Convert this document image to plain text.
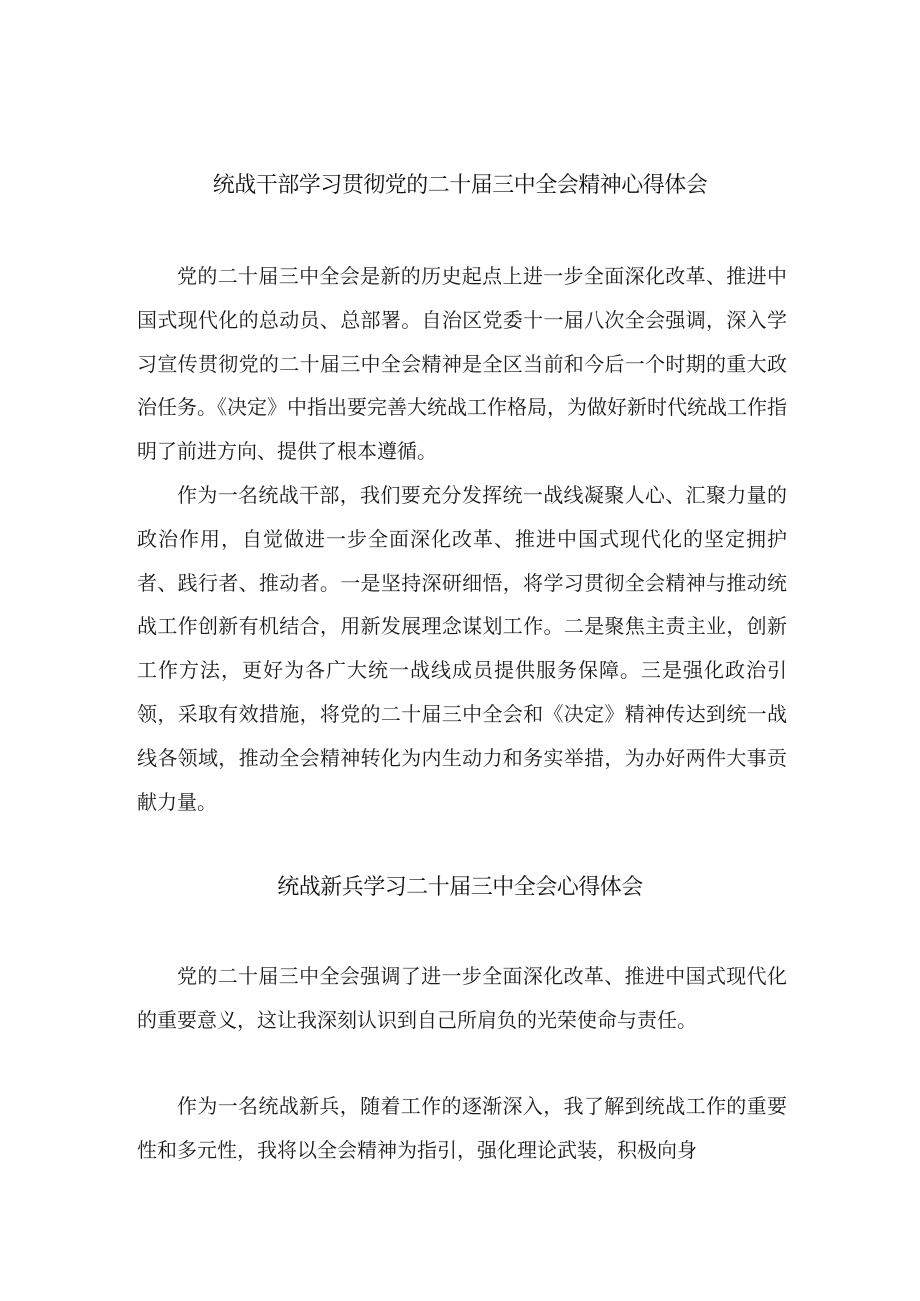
统战干部学习贯彻党的二十届三中全会精神心得体会

党的二十届三中全会是新的历史起点上进一步全面深化改革、推进中国式现代化的总动员、总部署。自治区党委十一届八次全会强调，深入学习宣传贯彻党的二十届三中全会精神是全区当前和今后一个时期的重大政治任务。《决定》中指出要完善大统战工作格局，为做好新时代统战工作指明了前进方向、提供了根本遵循。

作为一名统战干部，我们要充分发挥统一战线凝聚人心、汇聚力量的政治作用，自觉做进一步全面深化改革、推进中国式现代化的坚定拥护者、践行者、推动者。一是坚持深研细悟，将学习贯彻全会精神与推动统战工作创新有机结合，用新发展理念谋划工作。二是聚焦主责主业，创新工作方法，更好为各广大统一战线成员提供服务保障。三是强化政治引领，采取有效措施，将党的二十届三中全会和《决定》精神传达到统一战线各领域，推动全会精神转化为内生动力和务实举措，为办好两件大事贡献力量。

统战新兵学习二十届三中全会心得体会

党的二十届三中全会强调了进一步全面深化改革、推进中国式现代化的重要意义，这让我深刻认识到自己所肩负的光荣使命与责任。

作为一名统战新兵，随着工作的逐渐深入，我了解到统战工作的重要性和多元性，我将以全会精神为指引，强化理论武装，积极向身
